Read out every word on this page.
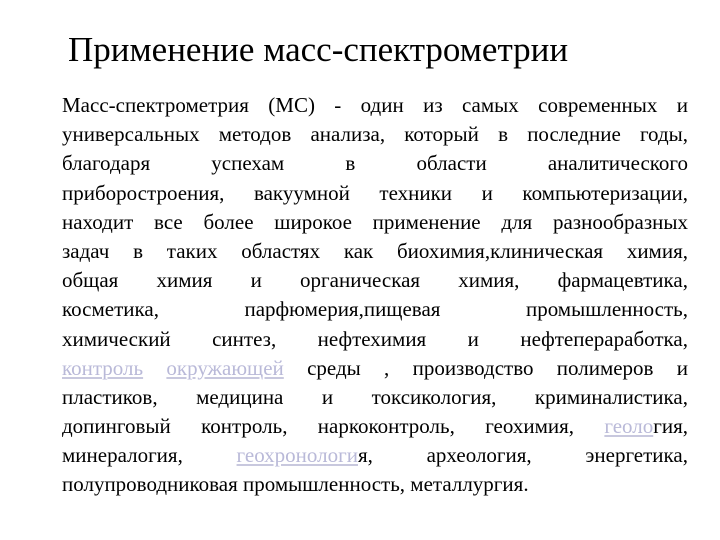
Применение масс-спектрометрии
Масс-спектрометрия (МС) - один из самых современных и
универсальных методов анализа, который в последние годы,
благодаря успехам в области аналитического
приборостроения, вакуумной техники и компьютеризации,
находит все более широкое применение для разнообразных
задач в таких областях как биохимия,клиническая химия,
общая химия и органическая химия, фармацевтика,
косметика, парфюмерия,пищевая промышленность,
химический синтез, нефтехимия и нефтепераработка,
контроль окружающей среды , производство полимеров и
пластиков, медицина и токсикология, криминалистика,
допинговый контроль, наркоконтроль, геохимия, геология,
минералогия, геохронология, археология, энергетика,
полупроводниковая промышленность, металлургия.
